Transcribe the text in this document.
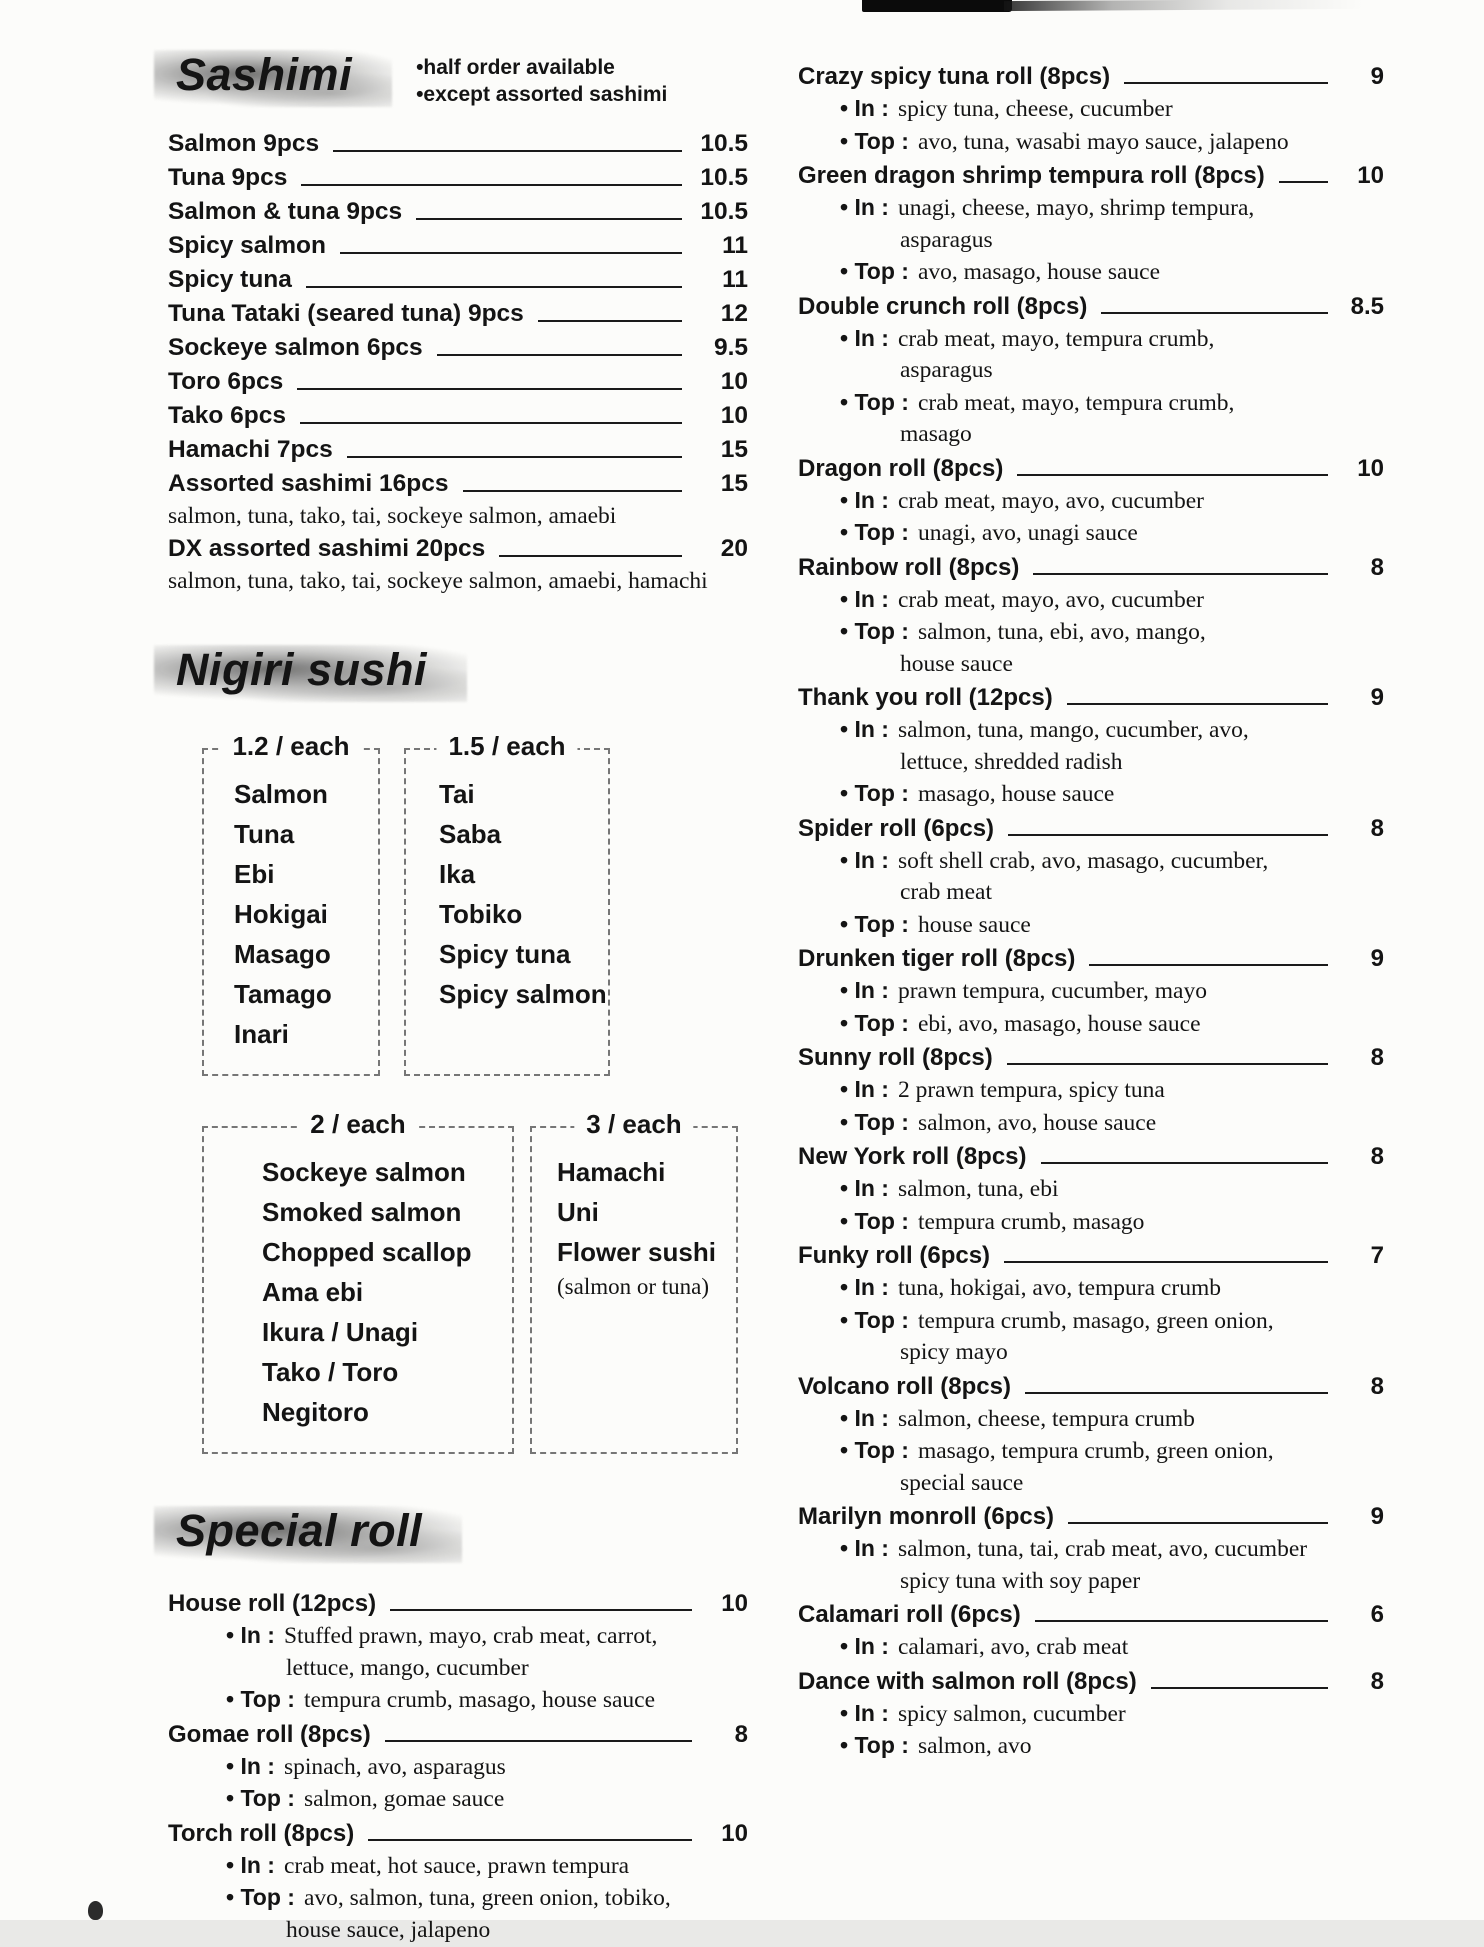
Sashimi	•half order available
•except assorted sashimi
Salmon 9pcs	10.5
Tuna 9pcs	10.5
Salmon & tuna 9pcs	10.5
Spicy salmon	11
Spicy tuna	11
Tuna Tataki (seared tuna) 9pcs	12
Sockeye salmon 6pcs	9.5
Toro 6pcs	10
Tako 6pcs	10
Hamachi 7pcs	15
Assorted sashimi 16pcs	15
salmon, tuna, tako, tai, sockeye salmon, amaebi
DX assorted sashimi 20pcs	20
salmon, tuna, tako, tai, sockeye salmon, amaebi, hamachi
Nigiri sushi
1.2 / each
Salmon
Tuna
Ebi
Hokigai
Masago
Tamago
Inari
1.5 / each
Tai
Saba
Ika
Tobiko
Spicy tuna
Spicy salmon
2 / each
Sockeye salmon
Smoked salmon
Chopped scallop
Ama ebi
Ikura / Unagi
Tako / Toro
Negitoro
3 / each
Hamachi
Uni
Flower sushi
(salmon or tuna)
Special roll
House roll (12pcs)	10
• In : Stuffed prawn, mayo, crab meat, carrot,
lettuce, mango, cucumber
• Top : tempura crumb, masago, house sauce
Gomae roll (8pcs)	8
• In : spinach, avo, asparagus
• Top : salmon, gomae sauce
Torch roll (8pcs)	10
• In : crab meat, hot sauce, prawn tempura
• Top : avo, salmon, tuna, green onion, tobiko,
house sauce, jalapeno
Crazy spicy tuna roll (8pcs)	9
• In : spicy tuna, cheese, cucumber
• Top : avo, tuna, wasabi mayo sauce, jalapeno
Green dragon shrimp tempura roll (8pcs)	10
• In : unagi, cheese, mayo, shrimp tempura,
asparagus
• Top : avo, masago, house sauce
Double crunch roll (8pcs)	8.5
• In : crab meat, mayo, tempura crumb,
asparagus
• Top : crab meat, mayo, tempura crumb,
masago
Dragon roll (8pcs)	10
• In : crab meat, mayo, avo, cucumber
• Top : unagi, avo, unagi sauce
Rainbow roll (8pcs)	8
• In : crab meat, mayo, avo, cucumber
• Top : salmon, tuna, ebi, avo, mango,
house sauce
Thank you roll (12pcs)	9
• In : salmon, tuna, mango, cucumber, avo,
lettuce, shredded radish
• Top : masago, house sauce
Spider roll (6pcs)	8
• In : soft shell crab, avo, masago, cucumber,
crab meat
• Top : house sauce
Drunken tiger roll (8pcs)	9
• In : prawn tempura, cucumber, mayo
• Top : ebi, avo, masago, house sauce
Sunny roll (8pcs)	8
• In : 2 prawn tempura, spicy tuna
• Top : salmon, avo, house sauce
New York roll (8pcs)	8
• In : salmon, tuna, ebi
• Top : tempura crumb, masago
Funky roll (6pcs)	7
• In : tuna, hokigai, avo, tempura crumb
• Top : tempura crumb, masago, green onion,
spicy mayo
Volcano roll (8pcs)	8
• In : salmon, cheese, tempura crumb
• Top : masago, tempura crumb, green onion,
special sauce
Marilyn monroll (6pcs)	9
• In : salmon, tuna, tai, crab meat, avo, cucumber
spicy tuna with soy paper
Calamari roll (6pcs)	6
• In : calamari, avo, crab meat
Dance with salmon roll (8pcs)	8
• In : spicy salmon, cucumber
• Top : salmon, avo
